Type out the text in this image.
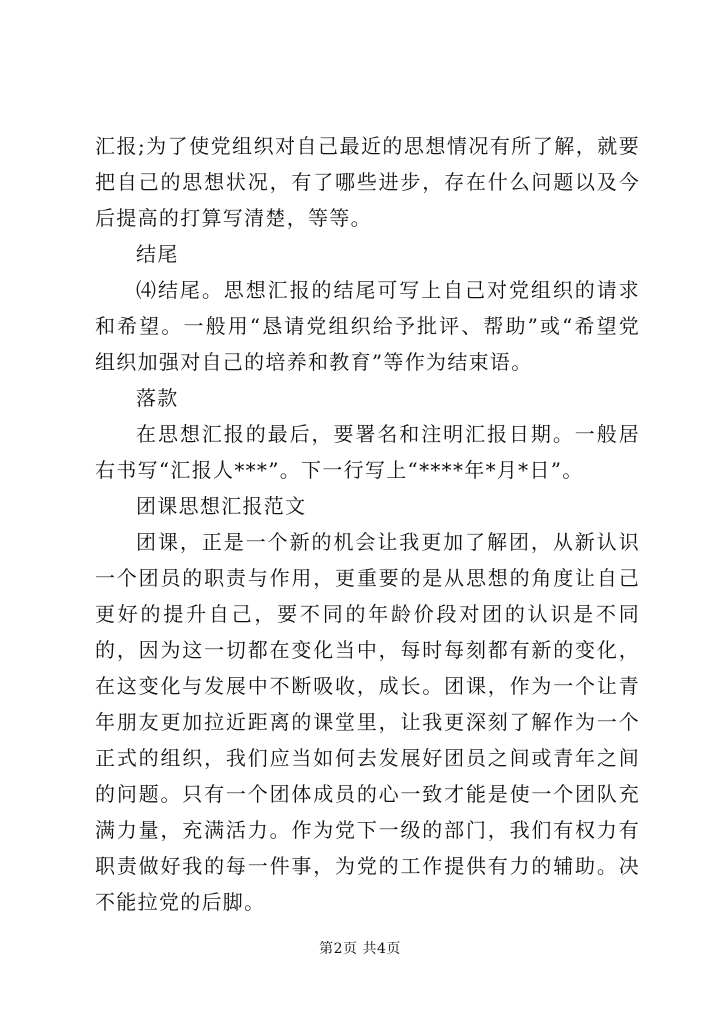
汇报;为了使党组织对自己最近的思想情况有所了解，就要把自己的思想状况，有了哪些进步，存在什么问题以及今后提高的打算写清楚，等等。

结尾

⑷结尾。思想汇报的结尾可写上自己对党组织的请求和希望。一般用“恳请党组织给予批评、帮助”或“希望党组织加强对自己的培养和教育”等作为结束语。

落款

在思想汇报的最后，要署名和注明汇报日期。一般居右书写“汇报人***”。下一行写上“****年*月*日”。

团课思想汇报范文

团课，正是一个新的机会让我更加了解团，从新认识一个团员的职责与作用，更重要的是从思想的角度让自己更好的提升自己，要不同的年龄价段对团的认识是不同的，因为这一切都在变化当中，每时每刻都有新的变化，在这变化与发展中不断吸收，成长。团课，作为一个让青年朋友更加拉近距离的课堂里，让我更深刻了解作为一个正式的组织，我们应当如何去发展好团员之间或青年之间的问题。只有一个团体成员的心一致才能是使一个团队充满力量，充满活力。作为党下一级的部门，我们有权力有职责做好我的每一件事，为党的工作提供有力的辅助。决不能拉党的后脚。

第2页 共4页
